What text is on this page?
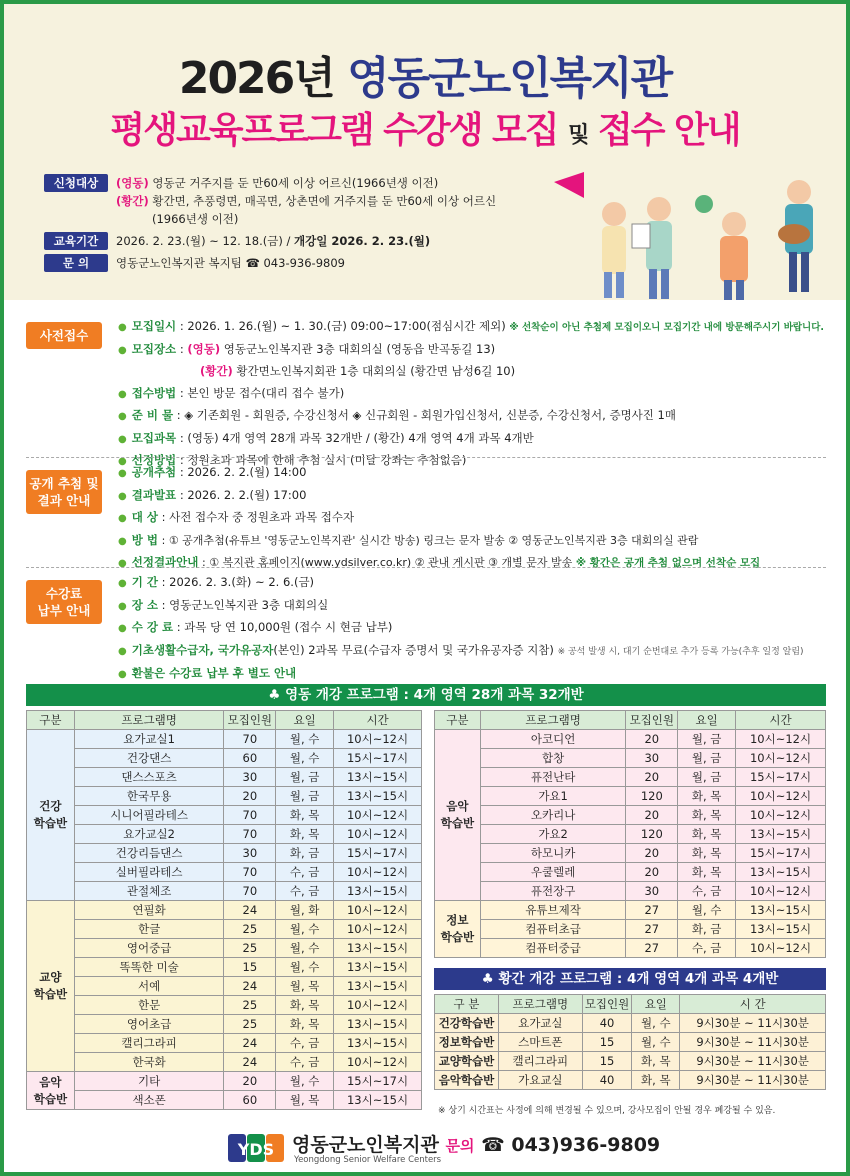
2026년 영동군노인복지관
평생교육프로그램 수강생 모집 및 접수 안내
신청대상	(영동) 영동군 거주지를 둔 만60세 이상 어르신(1966년생 이전)
(황간) 황간면, 추풍령면, 매곡면, 상촌면에 거주지를 둔 만60세 이상 어르신
(1966년생 이전)
교육기간	2026. 2. 23.(월) ~ 12. 18.(금) /
개강일 2026. 2. 23.(월)
문 의	영동군노인복지관 복지팀 ☎ 043-936-9809
사전접수
● 모집일시 : 2026. 1. 26.(월) ~ 1. 30.(금) 09:00~17:00(점심시간 제외) ※ 선착순이 아닌 추첨제 모집이오니 모집기간 내에 방문해주시기 바랍니다.
● 모집장소 : (영동) 영동군노인복지관 3층 대회의실 (영동읍 반곡동길 13)
(황간) 황간면노인복지회관 1층 대회의실 (황간면 남성6길 10)
● 접수방법 : 본인 방문 접수(대리 접수 불가)
● 준 비 물 : ◈ 기존회원 - 회원증, 수강신청서 ◈ 신규회원 - 회원가입신청서, 신분증, 수강신청서, 증명사진 1매
● 모집과목 : (영동) 4개 영역 28개 과목 32개반 / (황간) 4개 영역 4개 과목 4개반
● 선정방법 : 정원초과 과목에 한해 추첨 실시 (미달 강좌는 추첨없음)
공개 추첨 및
결과 안내
● 공개추첨 : 2026. 2. 2.(월) 14:00
● 결과발표 : 2026. 2. 2.(월) 17:00
● 대 상 : 사전 접수자 중 정원초과 과목 접수자
● 방 법 : ① 공개추첨(유튜브 '영동군노인복지관' 실시간 방송) 링크는 문자 발송 ② 영동군노인복지관 3층 대회의실 관람
● 선정결과안내 : ① 복지관 홈페이지(www.ydsilver.co.kr) ② 관내 게시판 ③ 개별 문자 발송 ※ 황간은 공개 추첨 없으며 선착순 모집
수강료
납부 안내
● 기 간 : 2026. 2. 3.(화) ~ 2. 6.(금)
● 장 소 : 영동군노인복지관 3층 대회의실
● 수 강 료 : 과목 당 연 10,000원 (접수 시 현금 납부)
● 기초생활수급자, 국가유공자(본인) 2과목 무료(수급자 증명서 및 국가유공자증 지참) ※ 공석 발생 시, 대기 순번대로 추가 등록 가능(추후 일정 알림)
● 환불은 수강료 납부 후 별도 안내
♣ 영동 개강 프로그램 : 4개 영역 28개 과목 32개반
구분	프로그램명	모집인원	요일	시간
건강
학습반	요가교실1	70	월, 수	10시~12시
	건강댄스	60	월, 수	15시~17시
	댄스스포츠	30	월, 금	13시~15시
	한국무용	20	월, 금	13시~15시
	시니어필라테스	70	화, 목	10시~12시
	요가교실2	70	화, 목	10시~12시
	건강리듬댄스	30	화, 금	15시~17시
	실버필라테스	70	수, 금	10시~12시
	관절체조	70	수, 금	13시~15시
교양
학습반	연필화	24	월, 화	10시~12시
	한글	25	월, 수	10시~12시
	영어중급	25	월, 수	13시~15시
	똑똑한 미술	15	월, 수	13시~15시
	서예	24	월, 목	13시~15시
	한문	25	화, 목	10시~12시
	영어초급	25	화, 목	13시~15시
	캘리그라피	24	수, 금	13시~15시
	한국화	24	수, 금	10시~12시
음악
학습반	기타	20	월, 수	15시~17시
	색소폰	60	월, 목	13시~15시
구분	프로그램명	모집인원	요일	시간
음악
학습반	아코디언	20	월, 금	10시~12시
	합창	30	월, 금	10시~12시
	퓨전난타	20	월, 금	15시~17시
	가요1	120	화, 목	10시~12시
	오카리나	20	화, 목	10시~12시
	가요2	120	화, 목	13시~15시
	하모니카	20	화, 목	15시~17시
	우쿨렐레	20	화, 목	13시~15시
	퓨전장구	30	수, 금	10시~12시
정보
학습반	유튜브제작	27	월, 수	13시~15시
	컴퓨터초급	27	화, 금	13시~15시
	컴퓨터중급	27	수, 금	10시~12시
♣ 황간 개강 프로그램 : 4개 영역 4개 과목 4개반
구 분	프로그램명	모집인원	요일	시 간
건강학습반	요가교실	40	월, 수	9시30분 ~ 11시30분
정보학습반	스마트폰	15	월, 수	9시30분 ~ 11시30분
교양학습반	캘리그라피	15	화, 목	9시30분 ~ 11시30분
음악학습반	가요교실	40	화, 목	9시30분 ~ 11시30분
※ 상기 시간표는 사정에 의해 변경될 수 있으며, 강사모집이 안될 경우 폐강될 수 있음.
YDS 영동군노인복지관 문의 ☎ 043)936-9809
Yeongdong Senior Welfare Centers
